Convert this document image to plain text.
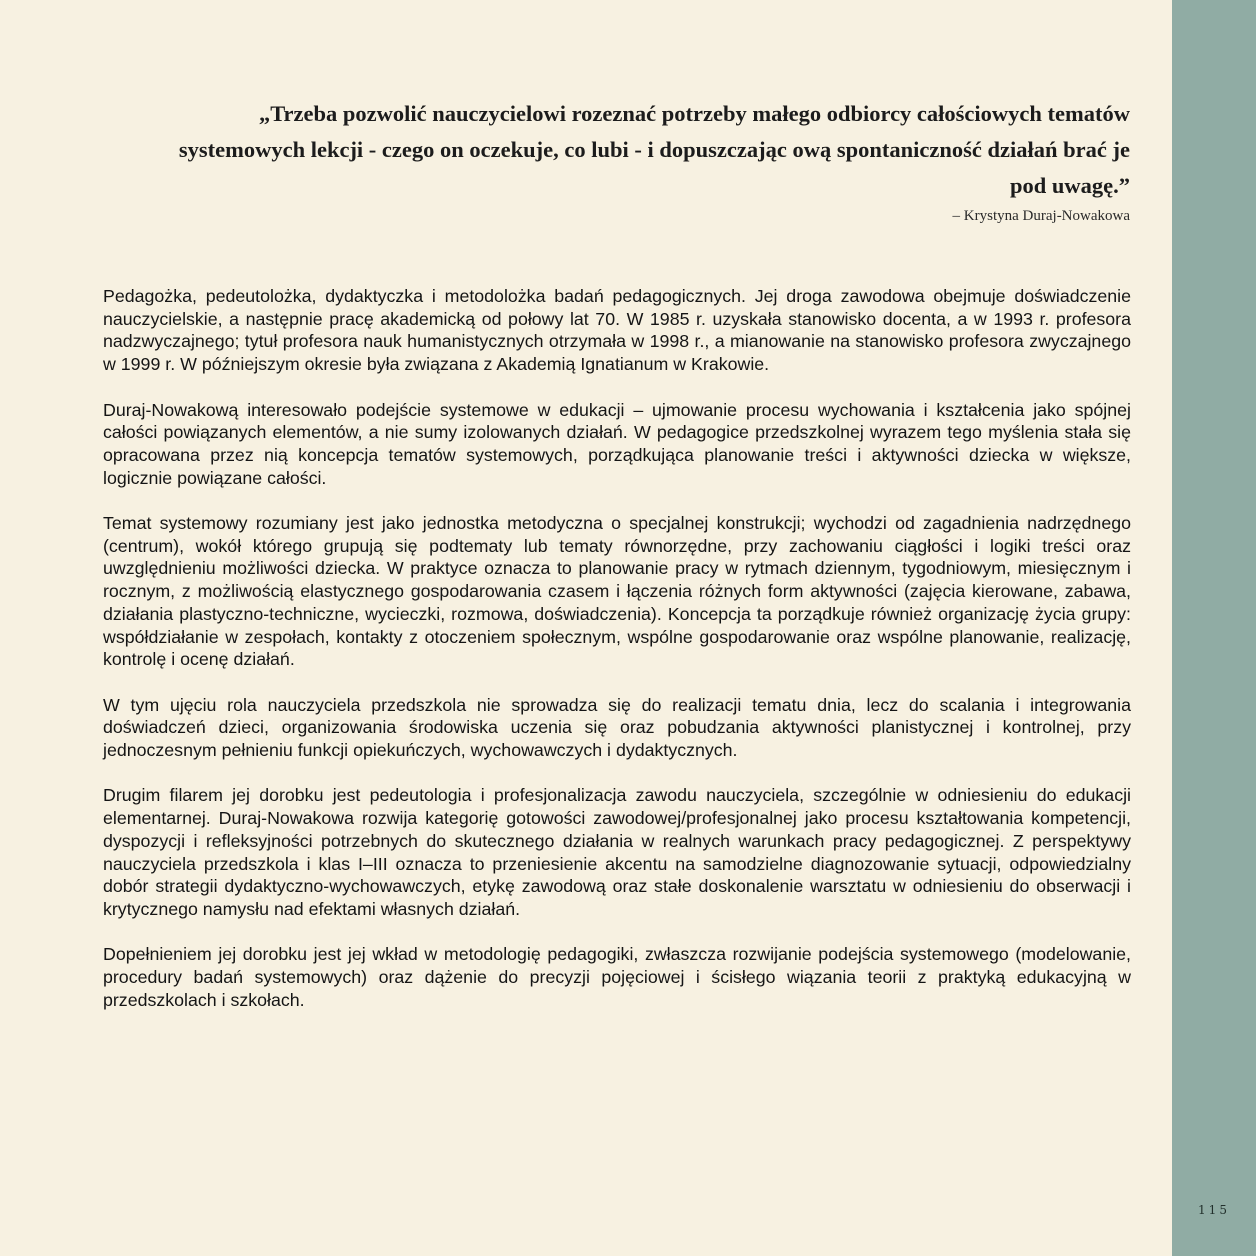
„Trzeba pozwolić nauczycielowi rozeznać potrzeby małego odbiorcy całościowych tematów systemowych lekcji - czego on oczekuje, co lubi - i dopuszczając ową spontaniczność działań brać je pod uwagę.”

– Krystyna Duraj-Nowakowa

Pedagożka, pedeutolożka, dydaktyczka i metodolożka badań pedagogicznych. Jej droga zawodowa obejmuje doświadczenie nauczycielskie, a następnie pracę akademicką od połowy lat 70. W 1985 r. uzyskała stanowisko docenta, a w 1993 r. profesora nadzwyczajnego; tytuł profesora nauk humanistycznych otrzymała w 1998 r., a mianowanie na stanowisko profesora zwyczajnego w 1999 r. W późniejszym okresie była związana z Akademią Ignatianum w Krakowie.

Duraj-Nowakową interesowało podejście systemowe w edukacji – ujmowanie procesu wychowania i kształcenia jako spójnej całości powiązanych elementów, a nie sumy izolowanych działań. W pedagogice przedszkolnej wyrazem tego myślenia stała się opracowana przez nią koncepcja tematów systemowych, porządkująca planowanie treści i aktywności dziecka w większe, logicznie powiązane całości.

Temat systemowy rozumiany jest jako jednostka metodyczna o specjalnej konstrukcji; wychodzi od zagadnienia nadrzędnego (centrum), wokół którego grupują się podtematy lub tematy równorzędne, przy zachowaniu ciągłości i logiki treści oraz uwzględnieniu możliwości dziecka. W praktyce oznacza to planowanie pracy w rytmach dziennym, tygodniowym, miesięcznym i rocznym, z możliwością elastycznego gospodarowania czasem i łączenia różnych form aktywności (zajęcia kierowane, zabawa, działania plastyczno-techniczne, wycieczki, rozmowa, doświadczenia). Koncepcja ta porządkuje również organizację życia grupy: współdziałanie w zespołach, kontakty z otoczeniem społecznym, wspólne gospodarowanie oraz wspólne planowanie, realizację, kontrolę i ocenę działań.

W tym ujęciu rola nauczyciela przedszkola nie sprowadza się do realizacji tematu dnia, lecz do scalania i integrowania doświadczeń dzieci, organizowania środowiska uczenia się oraz pobudzania aktywności planistycznej i kontrolnej, przy jednoczesnym pełnieniu funkcji opiekuńczych, wychowawczych i dydaktycznych.

Drugim filarem jej dorobku jest pedeutologia i profesjonalizacja zawodu nauczyciela, szczególnie w odniesieniu do edukacji elementarnej. Duraj-Nowakowa rozwija kategorię gotowości zawodowej/profesjonalnej jako procesu kształtowania kompetencji, dyspozycji i refleksyjności potrzebnych do skutecznego działania w realnych warunkach pracy pedagogicznej. Z perspektywy nauczyciela przedszkola i klas I–III oznacza to przeniesienie akcentu na samodzielne diagnozowanie sytuacji, odpowiedzialny dobór strategii dydaktyczno-wychowawczych, etykę zawodową oraz stałe doskonalenie warsztatu w odniesieniu do obserwacji i krytycznego namysłu nad efektami własnych działań.

Dopełnieniem jej dorobku jest jej wkład w metodologię pedagogiki, zwłaszcza rozwijanie podejścia systemowego (modelowanie, procedury badań systemowych) oraz dążenie do precyzji pojęciowej i ścisłego wiązania teorii z praktyką edukacyjną w przedszkolach i szkołach.

115
